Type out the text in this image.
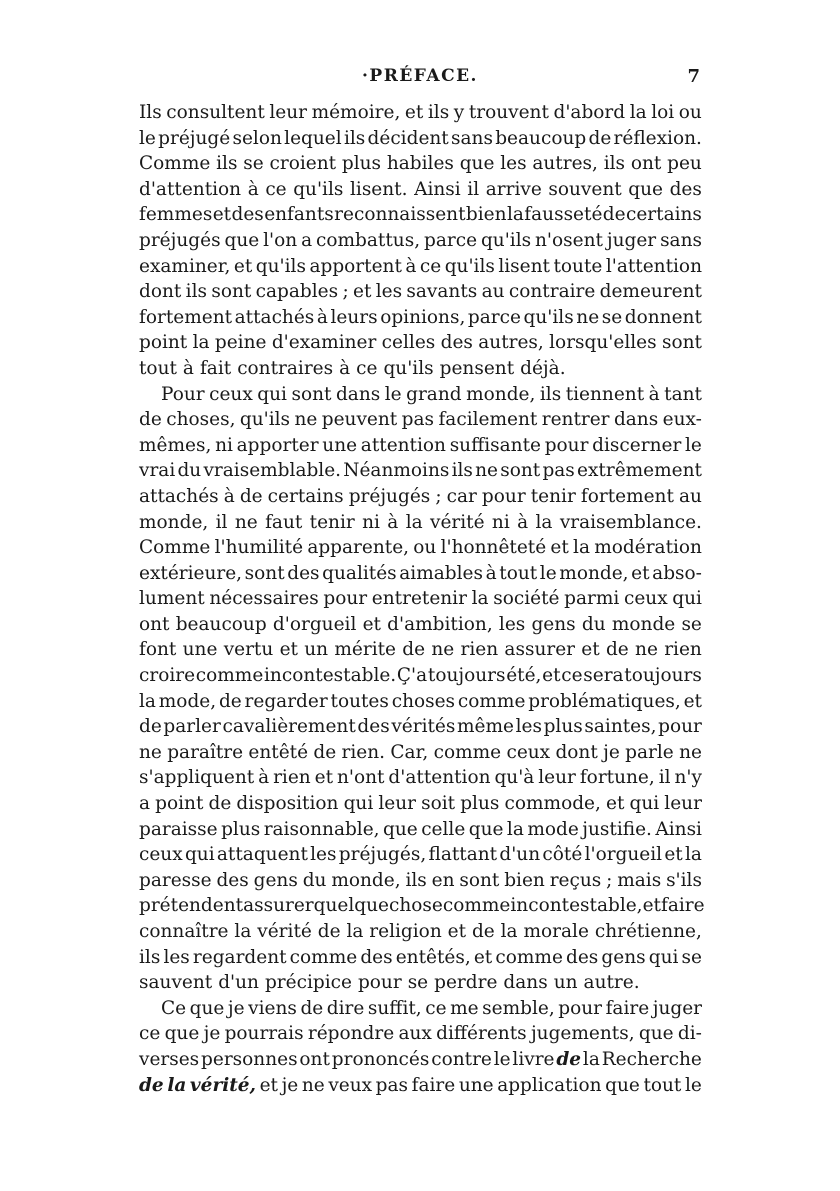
·PRÉFACE.	7
Ils consultent leur mémoire, et ils y trouvent d'abord la loi ou
le préjugé selon lequel ils décident sans beaucoup de réflexion.
Comme ils se croient plus habiles que les autres, ils ont peu
d'attention à ce qu'ils lisent. Ainsi il arrive souvent que des
femmes et des enfants reconnaissent bien la fausseté de certains
préjugés que l'on a combattus, parce qu'ils n'osent juger sans
examiner, et qu'ils apportent à ce qu'ils lisent toute l'attention
dont ils sont capables ; et les savants au contraire demeurent
fortement attachés à leurs opinions, parce qu'ils ne se donnent
point la peine d'examiner celles des autres, lorsqu'elles sont
tout à fait contraires à ce qu'ils pensent déjà.
Pour ceux qui sont dans le grand monde, ils tiennent à tant
de choses, qu'ils ne peuvent pas facilement rentrer dans eux-
mêmes, ni apporter une attention suffisante pour discerner le
vrai du vraisemblable. Néanmoins ils ne sont pas extrêmement
attachés à de certains préjugés ; car pour tenir fortement au
monde, il ne faut tenir ni à la vérité ni à la vraisemblance.
Comme l'humilité apparente, ou l'honnêteté et la modération
extérieure, sont des qualités aimables à tout le monde, et abso-
lument nécessaires pour entretenir la société parmi ceux qui
ont beaucoup d'orgueil et d'ambition, les gens du monde se
font une vertu et un mérite de ne rien assurer et de ne rien
croire comme incontestable. Ç'a toujours été, et ce sera toujours
la mode, de regarder toutes choses comme problématiques, et
de parler cavalièrement des vérités même les plus saintes, pour
ne paraître entêté de rien. Car, comme ceux dont je parle ne
s'appliquent à rien et n'ont d'attention qu'à leur fortune, il n'y
a point de disposition qui leur soit plus commode, et qui leur
paraisse plus raisonnable, que celle que la mode justifie. Ainsi
ceux qui attaquent les préjugés, flattant d'un côté l'orgueil et la
paresse des gens du monde, ils en sont bien reçus ; mais s'ils
prétendent assurer quelque chose comme incontestable, et faire
connaître la vérité de la religion et de la morale chrétienne,
ils les regardent comme des entêtés, et comme des gens qui se
sauvent d'un précipice pour se perdre dans un autre.
Ce que je viens de dire suffit, ce me semble, pour faire juger
ce que je pourrais répondre aux différents jugements, que di-
verses personnes ont prononcés contre le livre de la Recherche
de la vérité, et je ne veux pas faire une application que tout le
